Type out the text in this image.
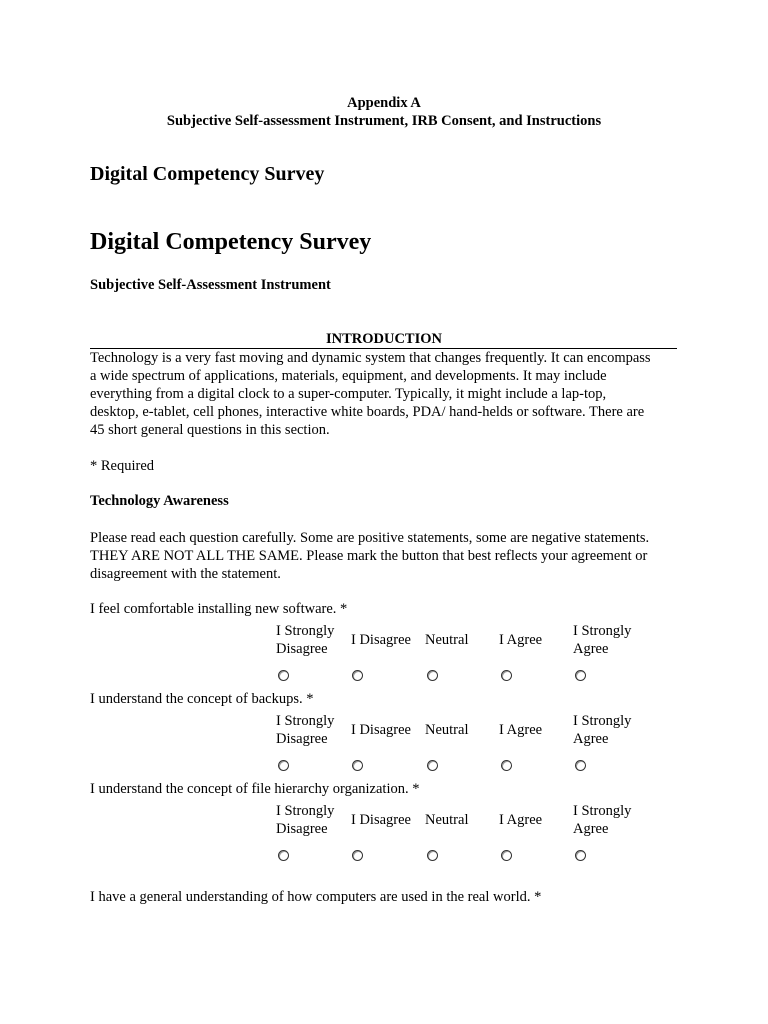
Appendix A
Subjective Self-assessment Instrument, IRB Consent, and Instructions
Digital Competency Survey
Digital Competency Survey
Subjective Self-Assessment Instrument
INTRODUCTION
Technology is a very fast moving and dynamic system that changes frequently. It can encompass
a wide spectrum of applications, materials, equipment, and developments. It may include
everything from a digital clock to a super-computer. Typically, it might include a lap-top,
desktop, e-tablet, cell phones, interactive white boards, PDA/ hand-helds or software. There are
45 short general questions in this section.
* Required
Technology Awareness
Please read each question carefully. Some are positive statements, some are negative statements.
THEY ARE NOT ALL THE SAME. Please mark the button that best reflects your agreement or
disagreement with the statement.
I feel comfortable installing new software. *
I Strongly
Disagree
I Disagree Neutral I Agree
I Strongly
Agree
I understand the concept of backups. *
I Strongly
Disagree
I Disagree Neutral I Agree
I Strongly
Agree
I understand the concept of file hierarchy organization. *
I Strongly
Disagree
I Disagree Neutral I Agree
I Strongly
Agree
I have a general understanding of how computers are used in the real world. *
